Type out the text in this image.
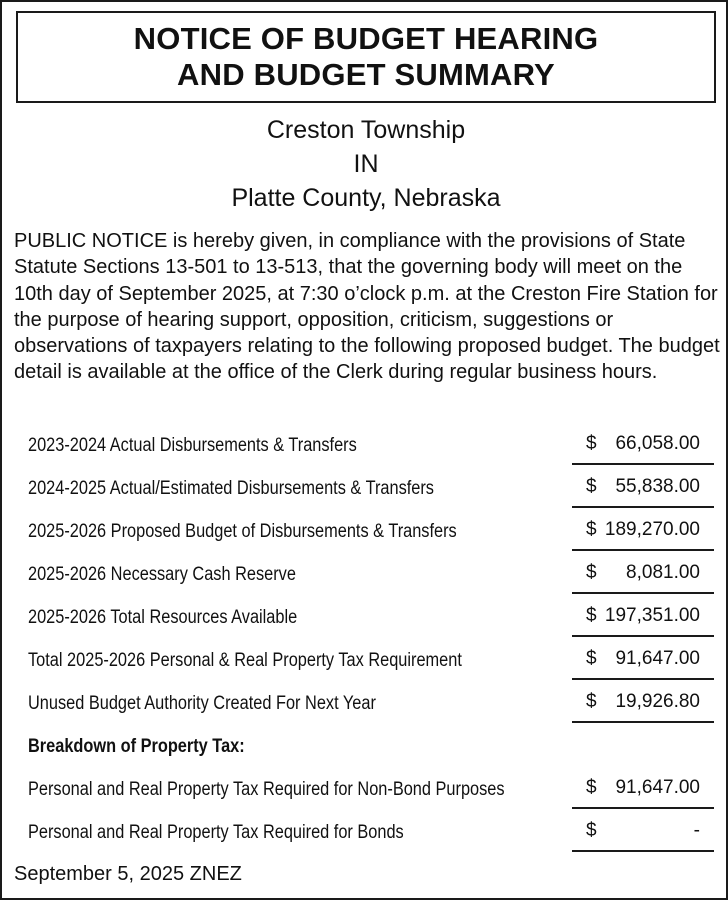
NOTICE OF BUDGET HEARING
AND BUDGET SUMMARY
Creston Township
IN
Platte County, Nebraska

PUBLIC NOTICE is hereby given, in compliance with the provisions of State Statute Sections 13-501 to 13-513, that the governing body will meet on the 10th day of September 2025, at 7:30 o’clock p.m. at the Creston Fire Station for the purpose of hearing support, opposition, criticism, suggestions or observations of taxpayers relating to the following proposed budget. The budget detail is available at the office of the Clerk during regular business hours.

2023-2024 Actual Disbursements & Transfers	$ 66,058.00
2024-2025 Actual/Estimated Disbursements & Transfers	$ 55,838.00
2025-2026 Proposed Budget of Disbursements & Transfers	$ 189,270.00
2025-2026 Necessary Cash Reserve	$ 8,081.00
2025-2026 Total Resources Available	$ 197,351.00
Total 2025-2026 Personal & Real Property Tax Requirement	$ 91,647.00
Unused Budget Authority Created For Next Year	$ 19,926.80
Breakdown of Property Tax:
Personal and Real Property Tax Required for Non-Bond Purposes	$ 91,647.00
Personal and Real Property Tax Required for Bonds	$	-
September 5, 2025 ZNEZ
